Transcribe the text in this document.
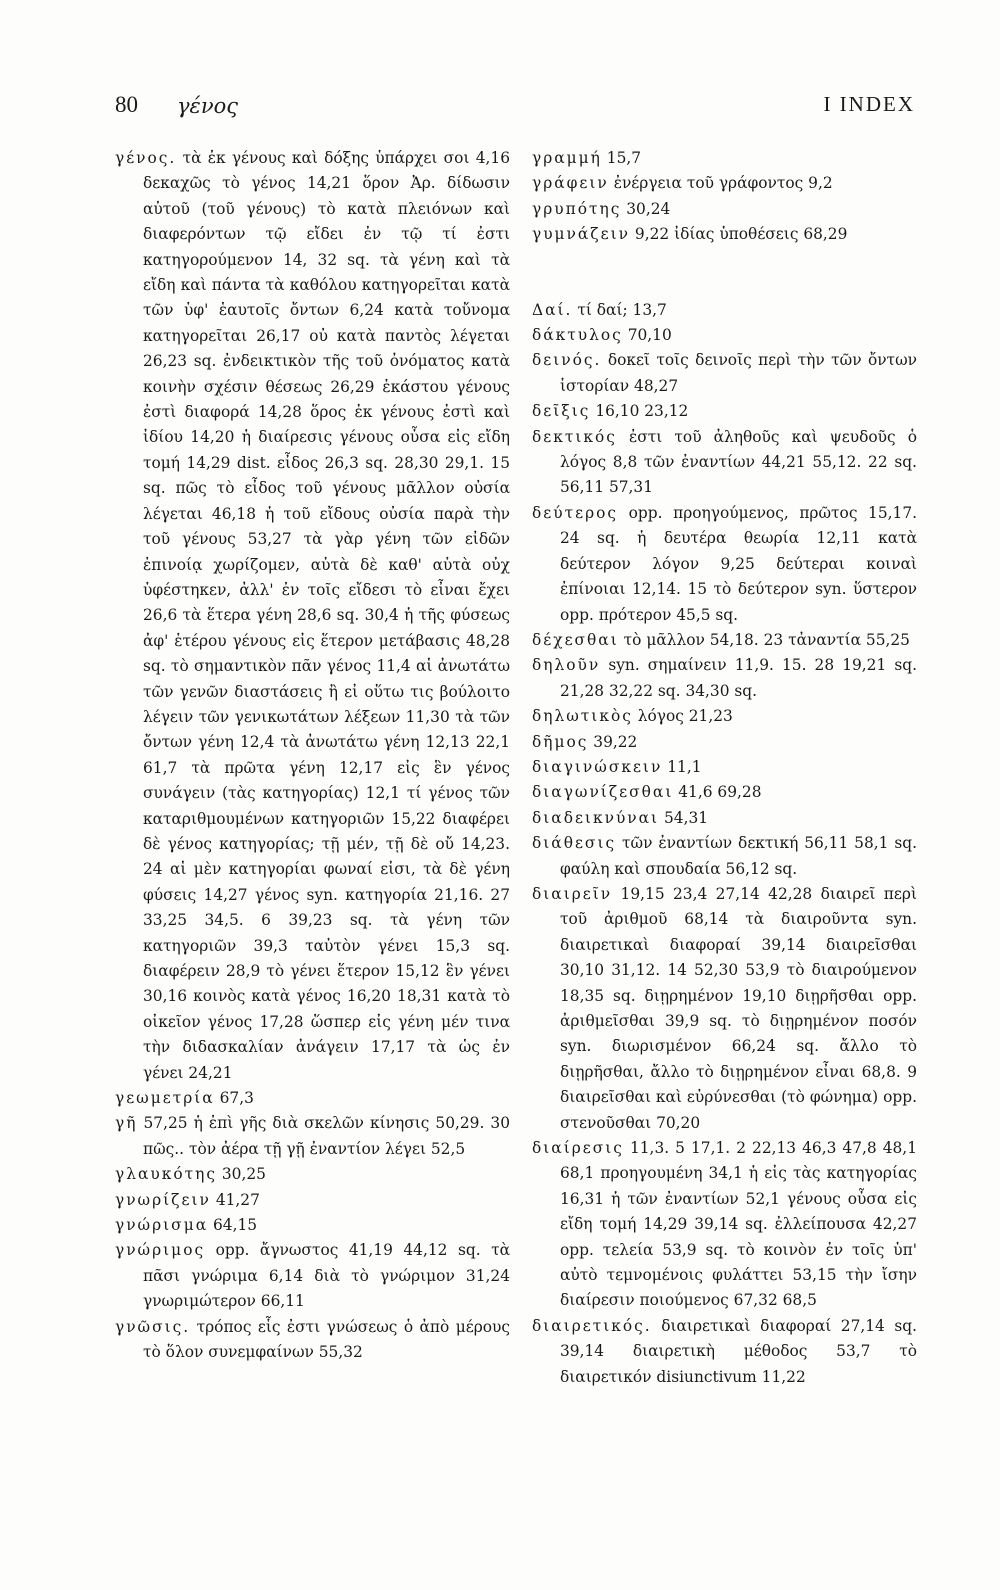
80 γένος	I INDEX
γένος. τὰ ἐκ γένους καὶ δόξης ὑπάρχει σοι 4,16 δεκαχῶς τὸ γένος 14,21 ὅρον Ἀρ. δίδωσιν αὐτοῦ (τοῦ γένους) τὸ κατὰ πλειόνων καὶ διαφερόντων τῷ εἴδει ἐν τῷ τί ἐστι κατηγορούμενον 14, 32 sq. τὰ γένη καὶ τὰ εἴδη καὶ πάντα τὰ καθόλου κατηγορεῖται κατὰ τῶν ὑφ' ἑαυτοῖς ὄντων 6,24 κατὰ τοὔνομα κατηγορεῖται 26,17 οὐ κατὰ παντὸς λέγεται 26,23 sq. ἐνδεικτικὸν τῆς τοῦ ὀνόματος κατὰ κοινὴν σχέσιν θέσεως 26,29 ἑκάστου γένους ἐστὶ διαφορά 14,28 ὅρος ἐκ γένους ἐστὶ καὶ ἰδίου 14,20 ἡ διαίρεσις γένους οὖσα εἰς εἴδη τομή 14,29 dist. εἶδος 26,3 sq. 28,30 29,1. 15 sq. πῶς τὸ εἶδος τοῦ γένους μᾶλλον οὐσία λέγεται 46,18 ἡ τοῦ εἴδους οὐσία παρὰ τὴν τοῦ γένους 53,27 τὰ γὰρ γένη τῶν εἰδῶν ἐπινοίᾳ χωρίζομεν, αὐτὰ δὲ καθ' αὑτὰ οὐχ ὑφέστηκεν, ἀλλ' ἐν τοῖς εἴδεσι τὸ εἶναι ἔχει 26,6 τὰ ἕτερα γένη 28,6 sq. 30,4 ἡ τῆς φύσεως ἀφ' ἑτέρου γένους εἰς ἕτερον μετάβασις 48,28 sq. τὸ σημαντικὸν πᾶν γένος 11,4 αἱ ἀνωτάτω τῶν γενῶν διαστάσεις ἢ εἰ οὕτω τις βούλοιτο λέγειν τῶν γενικωτάτων λέξεων 11,30 τὰ τῶν ὄντων γένη 12,4 τὰ ἀνωτάτω γένη 12,13 22,1 61,7 τὰ πρῶτα γένη 12,17 εἰς ἓν γένος συνάγειν (τὰς κατηγορίας) 12,1 τί γένος τῶν καταριθμουμένων κατηγοριῶν 15,22 διαφέρει δὲ γένος κατηγορίας; τῇ μέν, τῇ δὲ οὔ 14,23. 24 αἱ μὲν κατηγορίαι φωναί εἰσι, τὰ δὲ γένη φύσεις 14,27 γένος syn. κατηγορία 21,16. 27 33,25 34,5. 6 39,23 sq. τὰ γένη τῶν κατηγοριῶν 39,3 ταὐτὸν γένει 15,3 sq. διαφέρειν 28,9 τὸ γένει ἕτερον 15,12 ἓν γένει 30,16 κοινὸς κατὰ γένος 16,20 18,31 κατὰ τὸ οἰκεῖον γένος 17,28 ὥσπερ εἰς γένη μέν τινα τὴν διδασκαλίαν ἀνάγειν 17,17 τὰ ὡς ἐν γένει 24,21
γεωμετρία 67,3
γῆ 57,25 ἡ ἐπὶ γῆς διὰ σκελῶν κίνησις 50,29. 30 πῶς.. τὸν ἀέρα τῇ γῇ ἐναντίον λέγει 52,5
γλαυκότης 30,25
γνωρίζειν 41,27
γνώρισμα 64,15
γνώριμος opp. ἄγνωστος 41,19 44,12 sq. τὰ πᾶσι γνώριμα 6,14 διὰ τὸ γνώριμον 31,24 γνωριμώτερον 66,11
γνῶσις. τρόπος εἷς ἐστι γνώσεως ὁ ἀπὸ μέρους τὸ ὅλον συνεμφαίνων 55,32
γραμμή 15,7
γράφειν ἐνέργεια τοῦ γράφοντος 9,2
γρυπότης 30,24
γυμνάζειν 9,22 ἰδίας ὑποθέσεις 68,29
Δαί. τί δαί; 13,7
δάκτυλος 70,10
δεινός. δοκεῖ τοῖς δεινοῖς περὶ τὴν τῶν ὄντων ἱστορίαν 48,27
δεῖξις 16,10 23,12
δεκτικός ἐστι τοῦ ἀληθοῦς καὶ ψευδοῦς ὁ λόγος 8,8 τῶν ἐναντίων 44,21 55,12. 22 sq. 56,11 57,31
δεύτερος opp. προηγούμενος, πρῶτος 15,17. 24 sq. ἡ δευτέρα θεωρία 12,11 κατὰ δεύτερον λόγον 9,25 δεύτεραι κοιναὶ ἐπίνοιαι 12,14. 15 τὸ δεύτερον syn. ὕστερον opp. πρότερον 45,5 sq.
δέχεσθαι τὸ μᾶλλον 54,18. 23 τἀναντία 55,25
δηλοῦν syn. σημαίνειν 11,9. 15. 28 19,21 sq. 21,28 32,22 sq. 34,30 sq.
δηλωτικὸς λόγος 21,23
δῆμος 39,22
διαγινώσκειν 11,1
διαγωνίζεσθαι 41,6 69,28
διαδεικνύναι 54,31
διάθεσις τῶν ἐναντίων δεκτική 56,11 58,1 sq. φαύλη καὶ σπουδαία 56,12 sq.
διαιρεῖν 19,15 23,4 27,14 42,28 διαιρεῖ περὶ τοῦ ἀριθμοῦ 68,14 τὰ διαιροῦντα syn. διαιρετικαὶ διαφοραί 39,14 διαιρεῖσθαι 30,10 31,12. 14 52,30 53,9 τὸ διαιρούμενον 18,35 sq. διῃρημένον 19,10 διῃρῆσθαι opp. ἀριθμεῖσθαι 39,9 sq. τὸ διῃρημένον ποσόν syn. διωρισμένον 66,24 sq. ἄλλο τὸ διῃρῆσθαι, ἄλλο τὸ διῃρημένον εἶναι 68,8. 9 διαιρεῖσθαι καὶ εὐρύνεσθαι (τὸ φώνημα) opp. στενοῦσθαι 70,20
διαίρεσις 11,3. 5 17,1. 2 22,13 46,3 47,8 48,1 68,1 προηγουμένη 34,1 ἡ εἰς τὰς κατηγορίας 16,31 ἡ τῶν ἐναντίων 52,1 γένους οὖσα εἰς εἴδη τομή 14,29 39,14 sq. ἐλλείπουσα 42,27 opp. τελεία 53,9 sq. τὸ κοινὸν ἐν τοῖς ὑπ' αὐτὸ τεμνομένοις φυλάττει 53,15 τὴν ἴσην διαίρεσιν ποιούμενος 67,32 68,5
διαιρετικός. διαιρετικαὶ διαφοραί 27,14 sq. 39,14 διαιρετικὴ μέθοδος 53,7 τὸ διαιρετικόν disiunctivum 11,22
